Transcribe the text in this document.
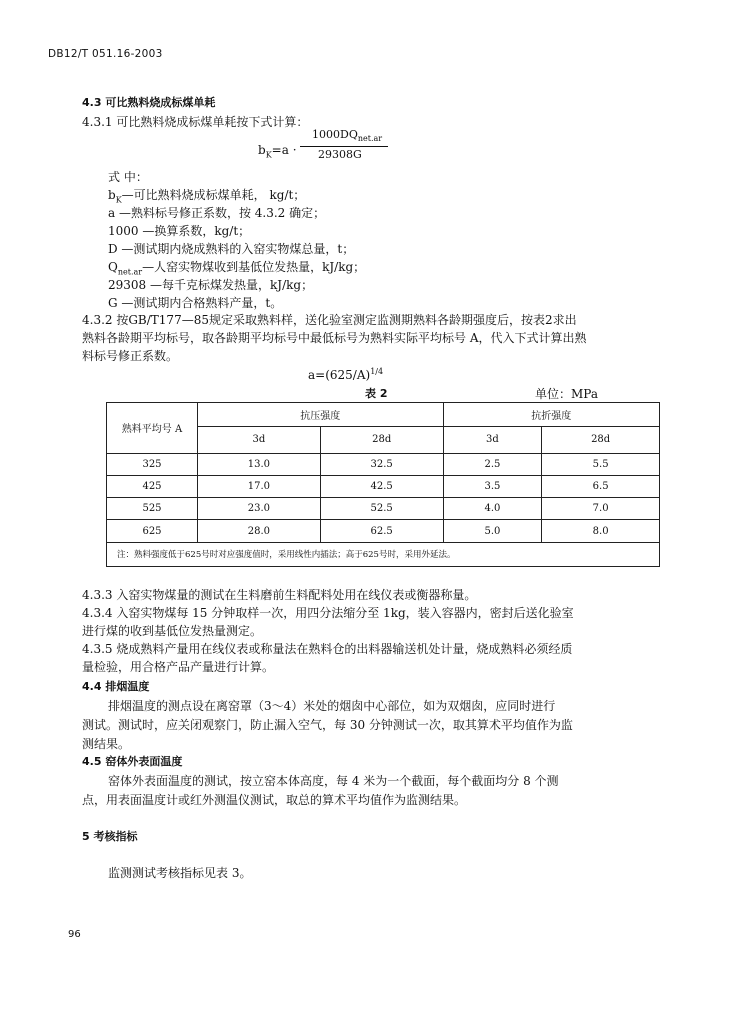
DB12/T 051.16-2003
4.3 可比熟料烧成标煤单耗
4.3.1 可比熟料烧成标煤单耗按下式计算：
$b_K=a$ ·
$1000DQ_{net.ar}$
29308G
式 中：
$b_K—$可比熟料烧成标煤单耗， kg/t；
a —熟料标号修正系数，按 4.3.2 确定；
1000 —换算系数，kg/t；
D —测试期内烧成熟料的入窑实物煤总量，t；
$Q_{net.ar}—$人窑实物煤收到基低位发热量，kJ/kg；
29308 —每千克标煤发热量，kJ/kg；
G —测试期内合格熟料产量，t。
4.3.2 按GB/T177—85规定采取熟料样，送化验室测定监测期熟料各龄期强度后，按表2求出
熟料各龄期平均标号，取各龄期平均标号中最低标号为熟料实际平均标号 A，代入下式计算出熟
料标号修正系数。
$a=(625/A)^{1/4}$
表 2	单位：MPa
熟料平均号 A	抗压强度		抗折强度	
	3d	28d	3d	28d
325	13.0	32.5	2.5	5.5
425	17.0	42.5	3.5	6.5
525	23.0	52.5	4.0	7.0
625	28.0	62.5	5.0	8.0
注：熟料强度低于625号时对应强度值时，采用线性内插法；高于625号时，采用外延法。				
4.3.3 入窑实物煤量的测试在生料磨前生料配料处用在线仪表或衡器称量。
4.3.4 入窑实物煤每 15 分钟取样一次，用四分法缩分至 1kg，装入容器内，密封后送化验室
进行煤的收到基低位发热量测定。
4.3.5 烧成熟料产量用在线仪表或称量法在熟料仓的出料器输送机处计量，烧成熟料必须经质
量检验，用合格产品产量进行计算。
4.4 排烟温度
排烟温度的测点设在离窑罩（3～4）米处的烟囱中心部位，如为双烟囱，应同时进行
测试。测试时，应关闭观察门，防止漏入空气，每 30 分钟测试一次，取其算术平均值作为监
测结果。
4.5 窑体外表面温度
窑体外表面温度的测试，按立窑本体高度，每 4 米为一个截面，每个截面均分 8 个测
点，用表面温度计或红外测温仪测试，取总的算术平均值作为监测结果。
5 考核指标
监测测试考核指标见表 3。
96
